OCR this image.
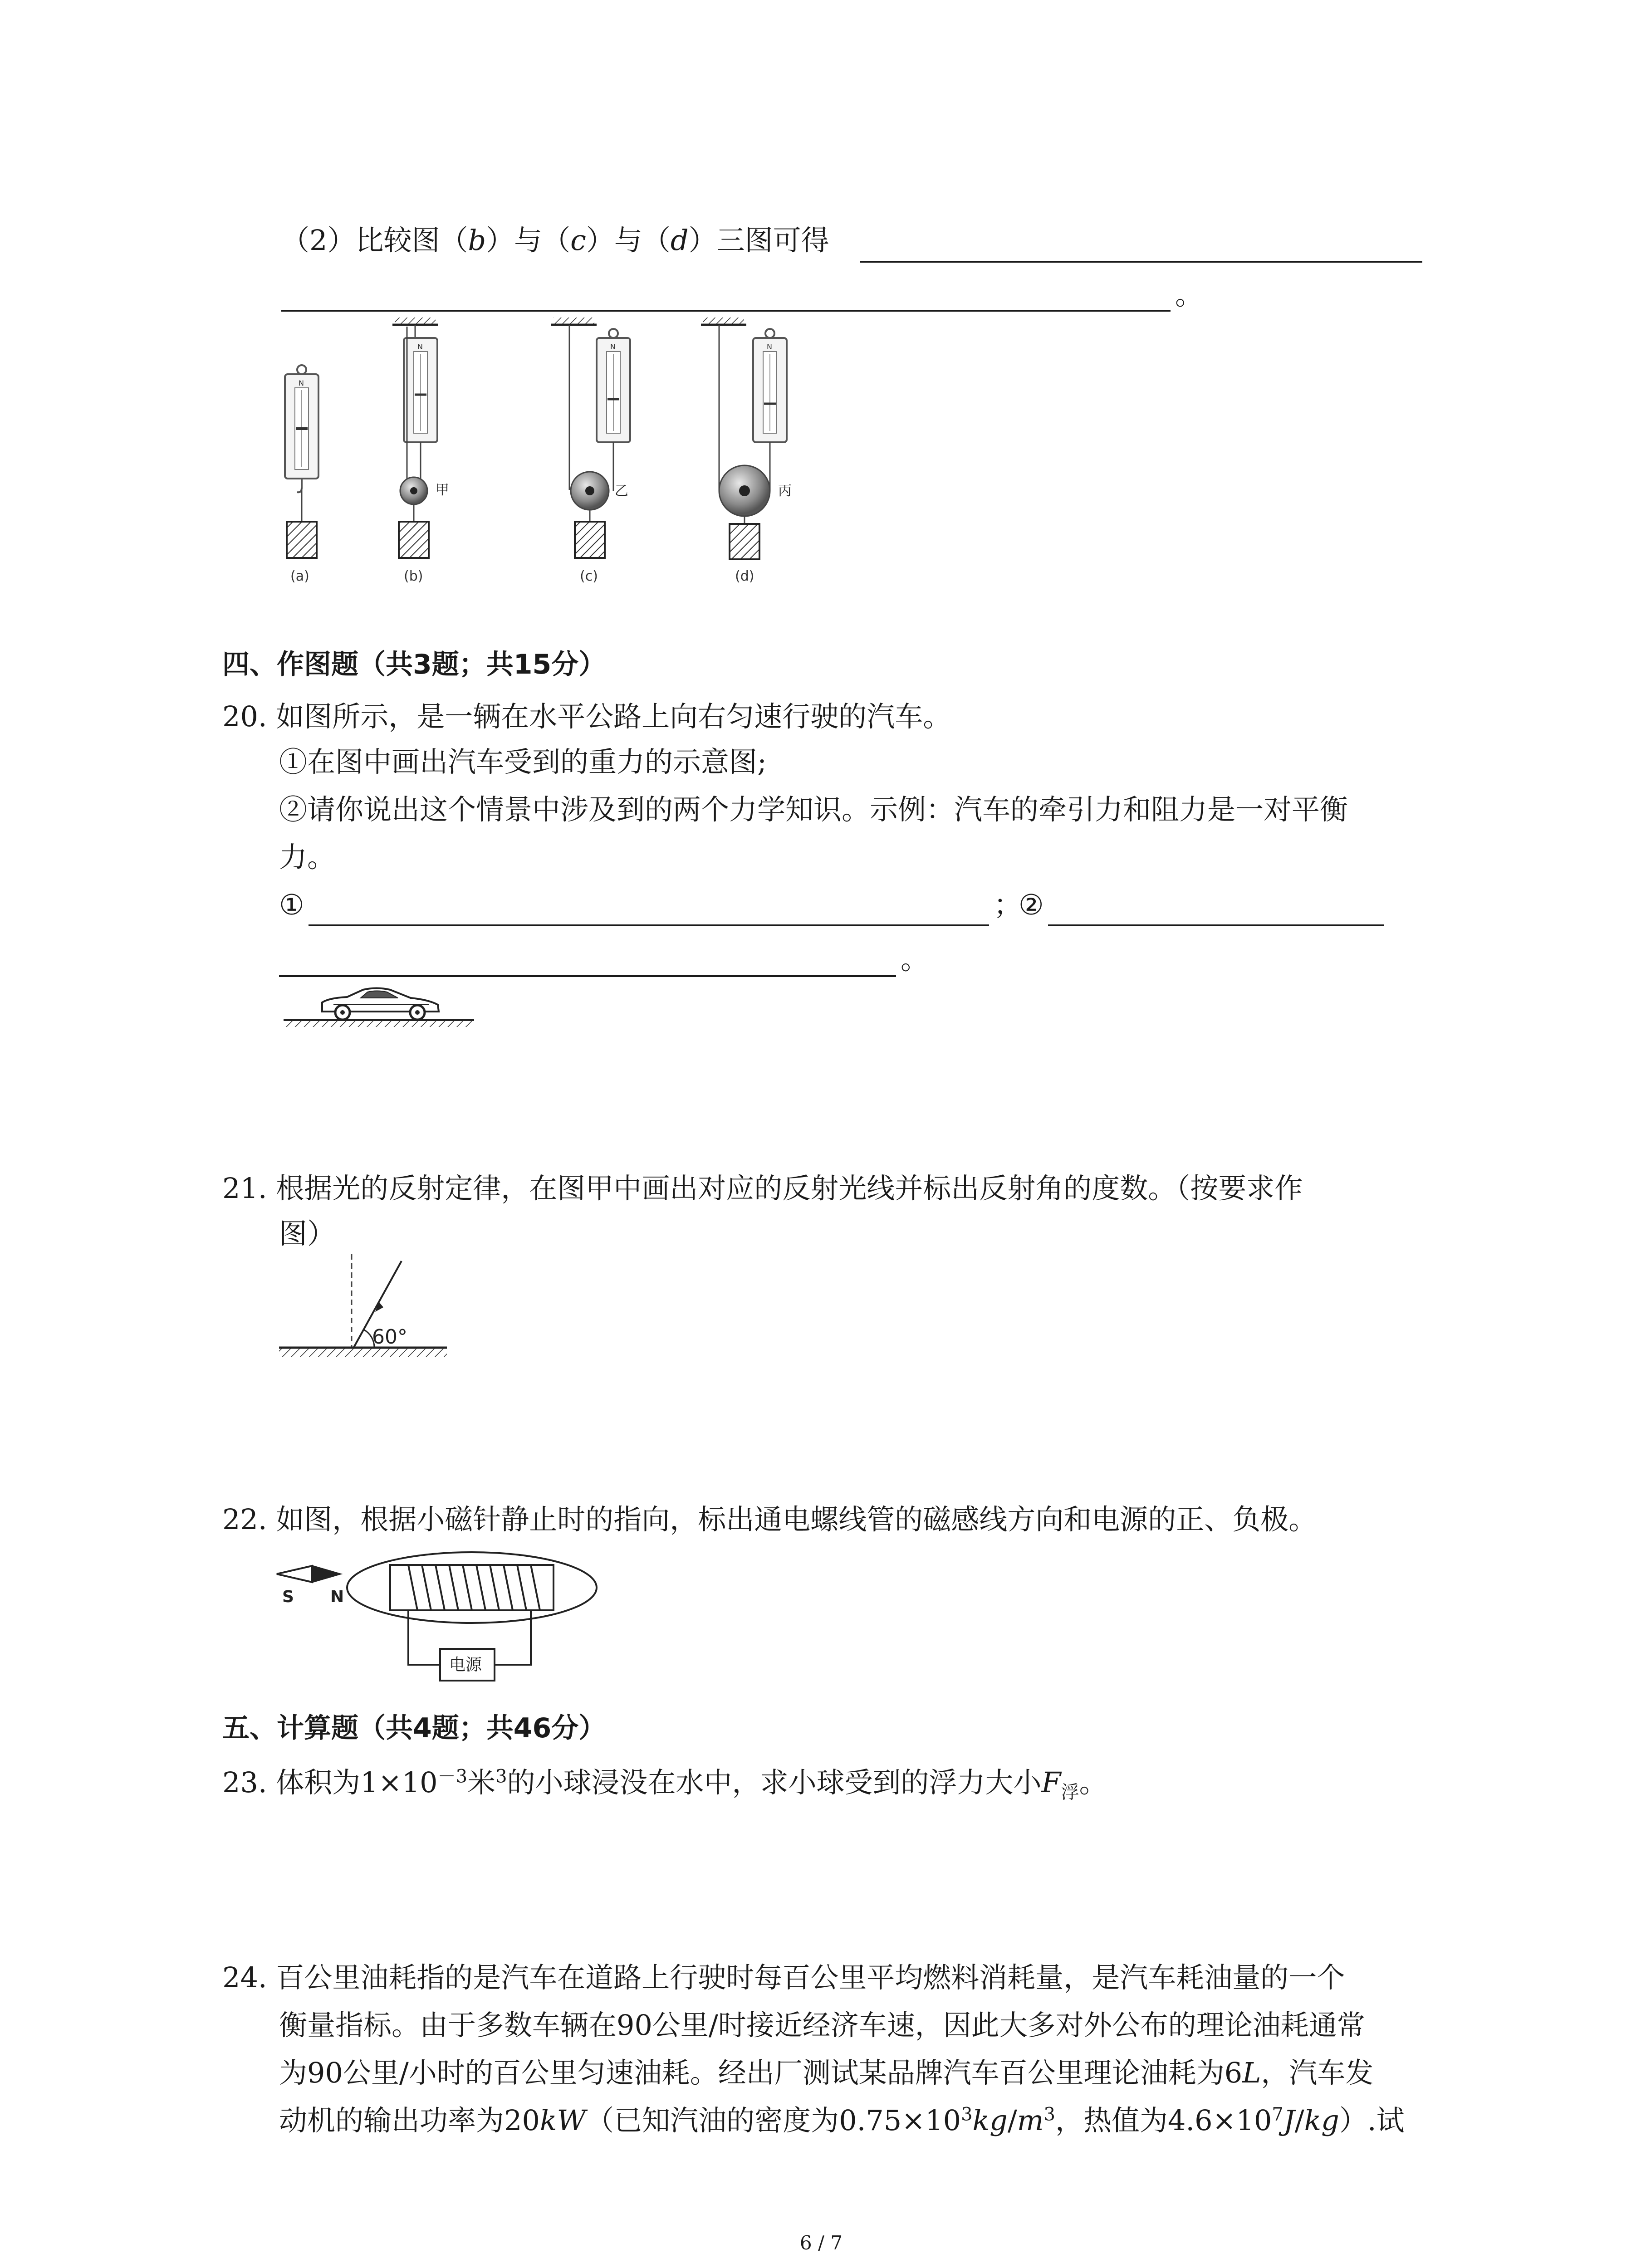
（2）比较图（b）与（c）与（d）三图可得
。
N
N
甲
N
乙
N
丙
(a)	(b)	(c)	(d)
四、作图题（共3题；共15分）
20. 如图所示，是一辆在水平公路上向右匀速行驶的汽车。
①在图中画出汽车受到的重力的示意图;
②请你说出这个情景中涉及到的两个力学知识。示例：汽车的牵引力和阻力是一对平衡
力。
①	；
②
。
21. 根据光的反射定律，在图甲中画出对应的反射光线并标出反射角的度数。（按要求作
图）
60°
22. 如图，根据小磁针静止时的指向，标出通电螺线管的磁感线方向和电源的正、负极。
S N
电源
五、计算题（共4题；共46分）
23. 体积为$1\times 10^{-3}$米$^3$的小球浸没在水中，求小球受到的浮力大小$F_浮$。
24. 百公里油耗指的是汽车在道路上行驶时每百公里平均燃料消耗量，是汽车耗油量的一个
衡量指标。由于多数车辆在90公里/时接近经济车速，因此大多对外公布的理论油耗通常
为90公里/小时的百公里匀速油耗。经出厂测试某品牌汽车百公里理论油耗为6L，汽车发
动机的输出功率为20kW（已知汽油的密度为$0.75\times 10^3kg/m^3$，热值为$4.6\times 10^7J/kg$）.试
6 / 7
